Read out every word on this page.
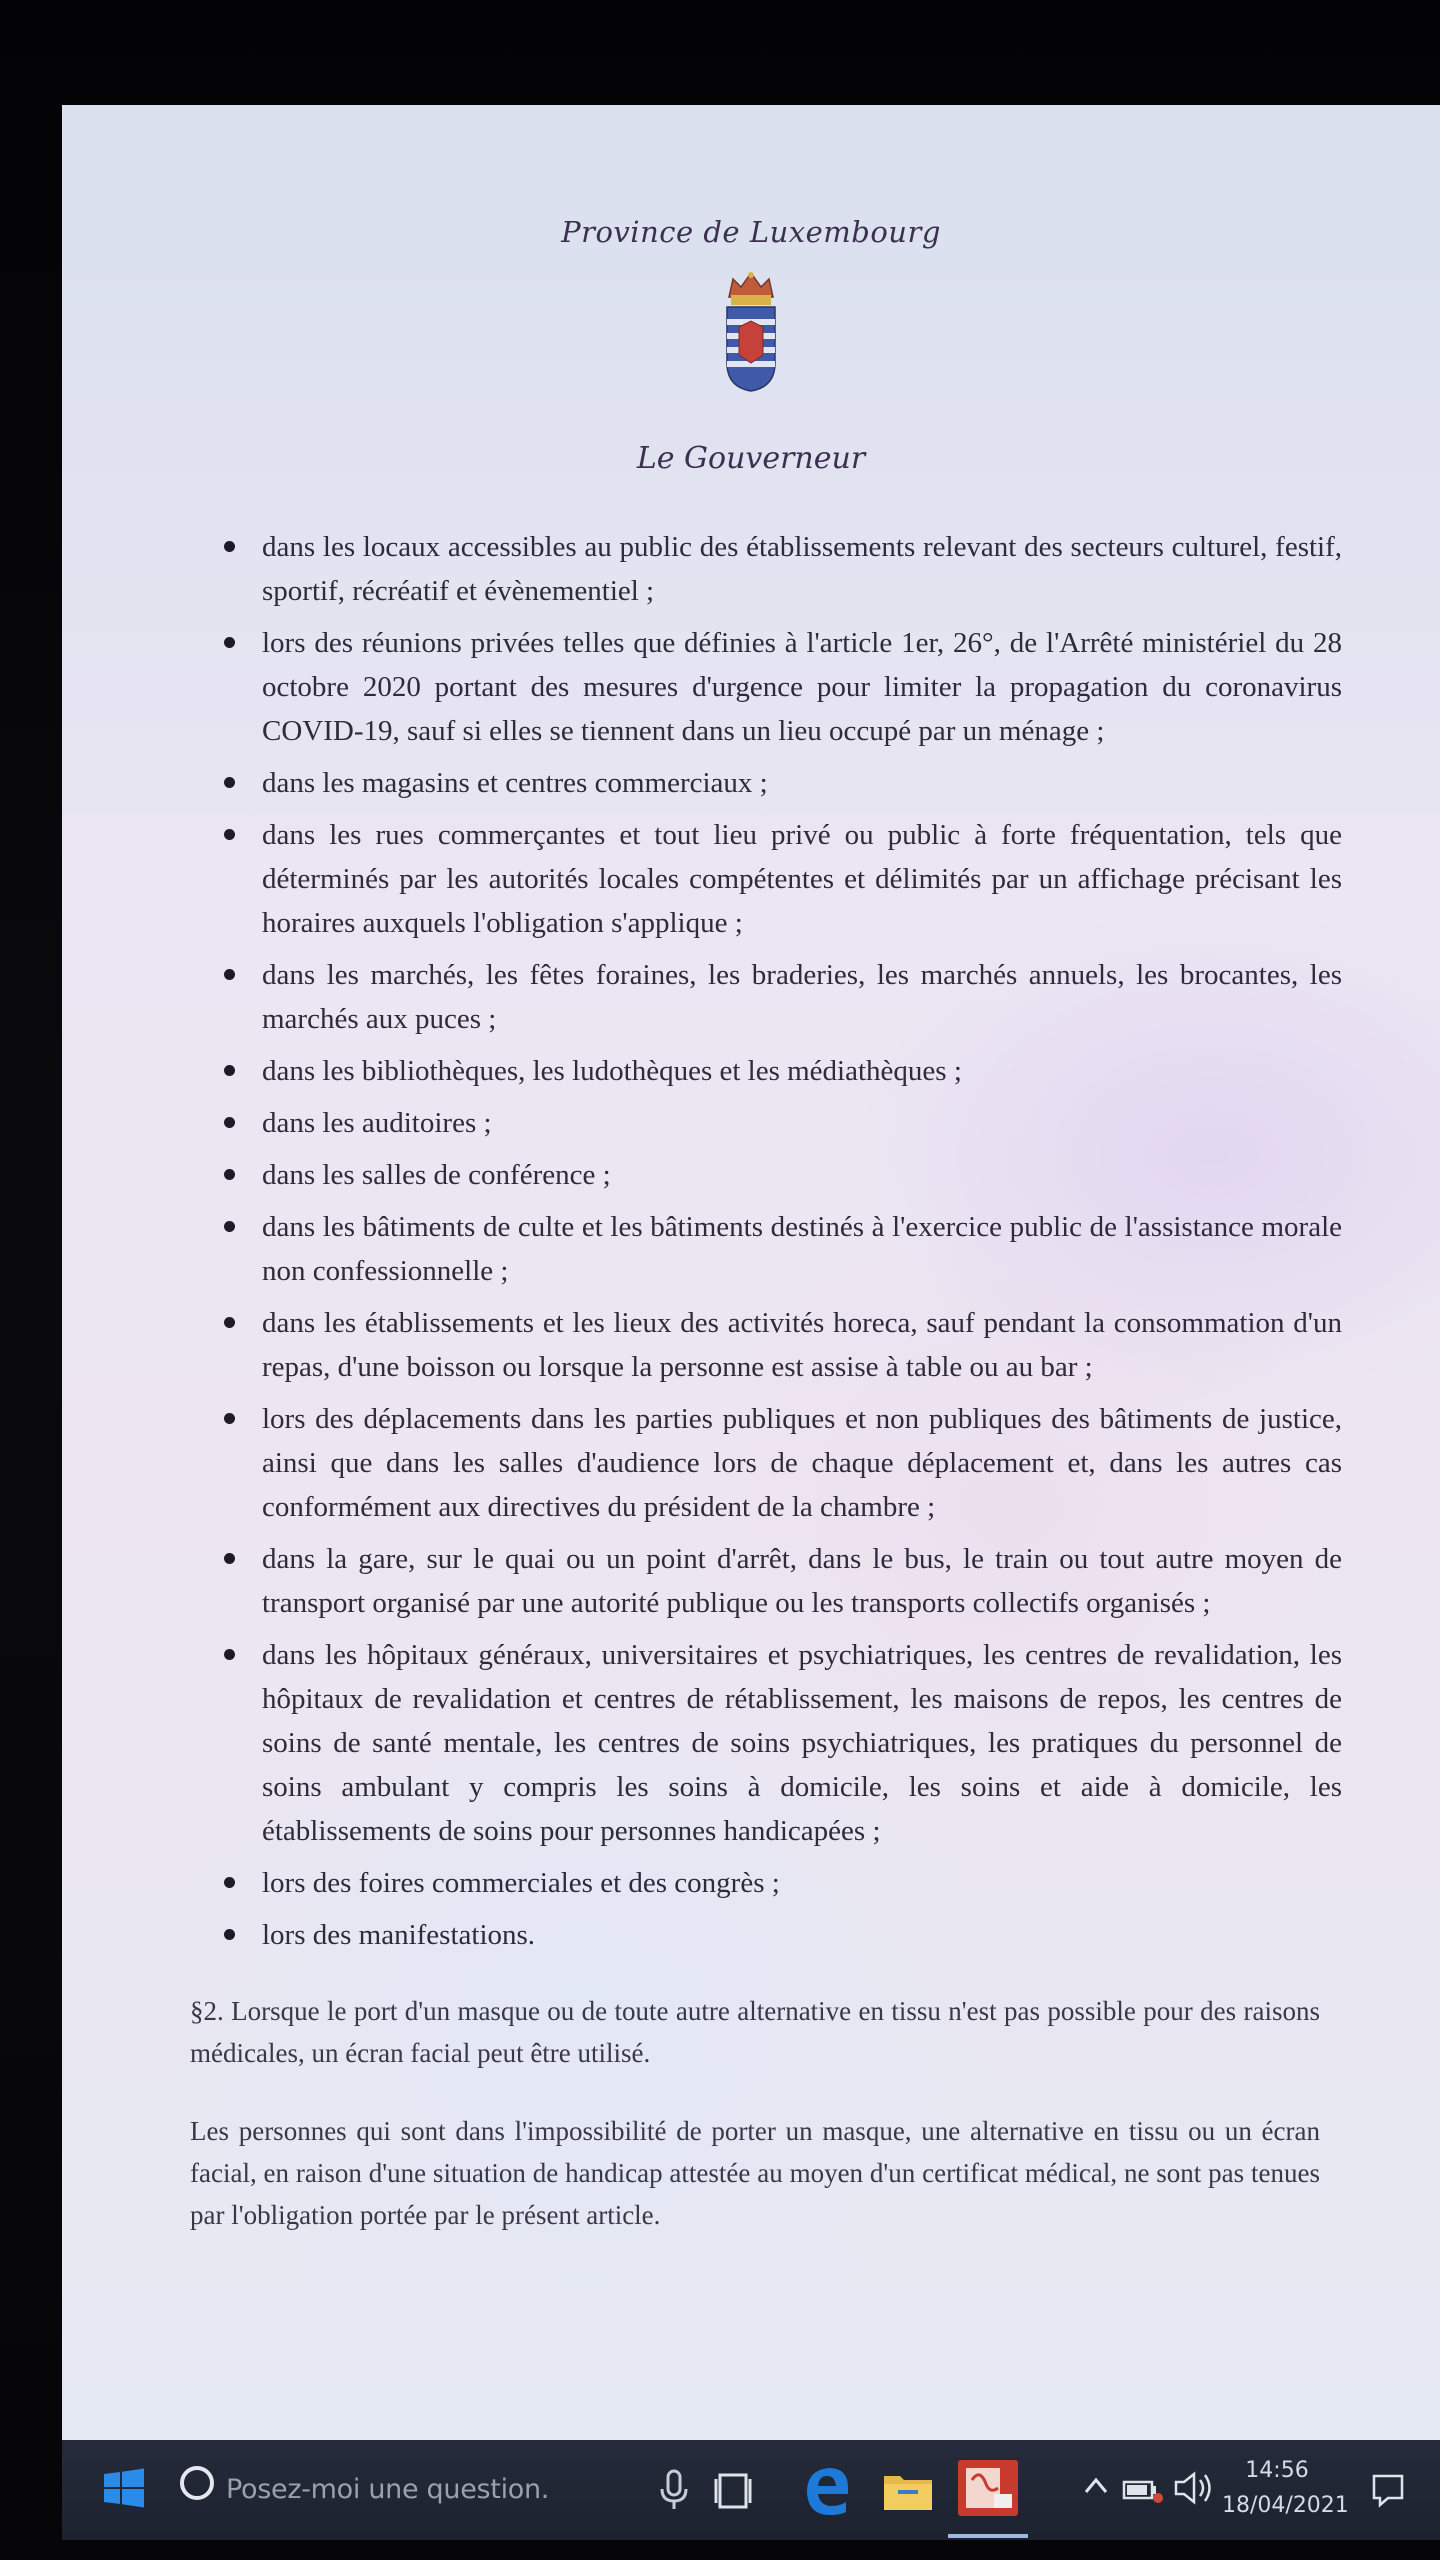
Province de Luxembourg
Le Gouverneur
dans les locaux accessibles au public des établissements relevant des secteurs culturel, festif, sportif, récréatif et évènementiel ;
lors des réunions privées telles que définies à l'article 1er, 26°, de l'Arrêté ministériel du 28 octobre 2020 portant des mesures d'urgence pour limiter la propagation du coronavirus COVID-19, sauf si elles se tiennent dans un lieu occupé par un ménage ;
dans les magasins et centres commerciaux ;
dans les rues commerçantes et tout lieu privé ou public à forte fréquentation, tels que déterminés par les autorités locales compétentes et délimités par un affichage précisant les horaires auxquels l'obligation s'applique ;
dans les marchés, les fêtes foraines, les braderies, les marchés annuels, les brocantes, les marchés aux puces ;
dans les bibliothèques, les ludothèques et les médiathèques ;
dans les auditoires ;
dans les salles de conférence ;
dans les bâtiments de culte et les bâtiments destinés à l'exercice public de l'assistance morale non confessionnelle ;
dans les établissements et les lieux des activités horeca, sauf pendant la consommation d'un repas, d'une boisson ou lorsque la personne est assise à table ou au bar ;
lors des déplacements dans les parties publiques et non publiques des bâtiments de justice, ainsi que dans les salles d'audience lors de chaque déplacement et, dans les autres cas conformément aux directives du président de la chambre ;
dans la gare, sur le quai ou un point d'arrêt, dans le bus, le train ou tout autre moyen de transport organisé par une autorité publique ou les transports collectifs organisés ;
dans les hôpitaux généraux, universitaires et psychiatriques, les centres de revalidation, les hôpitaux de revalidation et centres de rétablissement, les maisons de repos, les centres de soins de santé mentale, les centres de soins psychiatriques, les pratiques du personnel de soins ambulant y compris les soins à domicile, les soins et aide à domicile, les établissements de soins pour personnes handicapées ;
lors des foires commerciales et des congrès ;
lors des manifestations.
§2. Lorsque le port d'un masque ou de toute autre alternative en tissu n'est pas possible pour des raisons médicales, un écran facial peut être utilisé.
Les personnes qui sont dans l'impossibilité de porter un masque, une alternative en tissu ou un écran facial, en raison d'une situation de handicap attestée au moyen d'un certificat médical, ne sont pas tenues par l'obligation portée par le présent article.
Posez-moi une question.
14:56
18/04/2021
